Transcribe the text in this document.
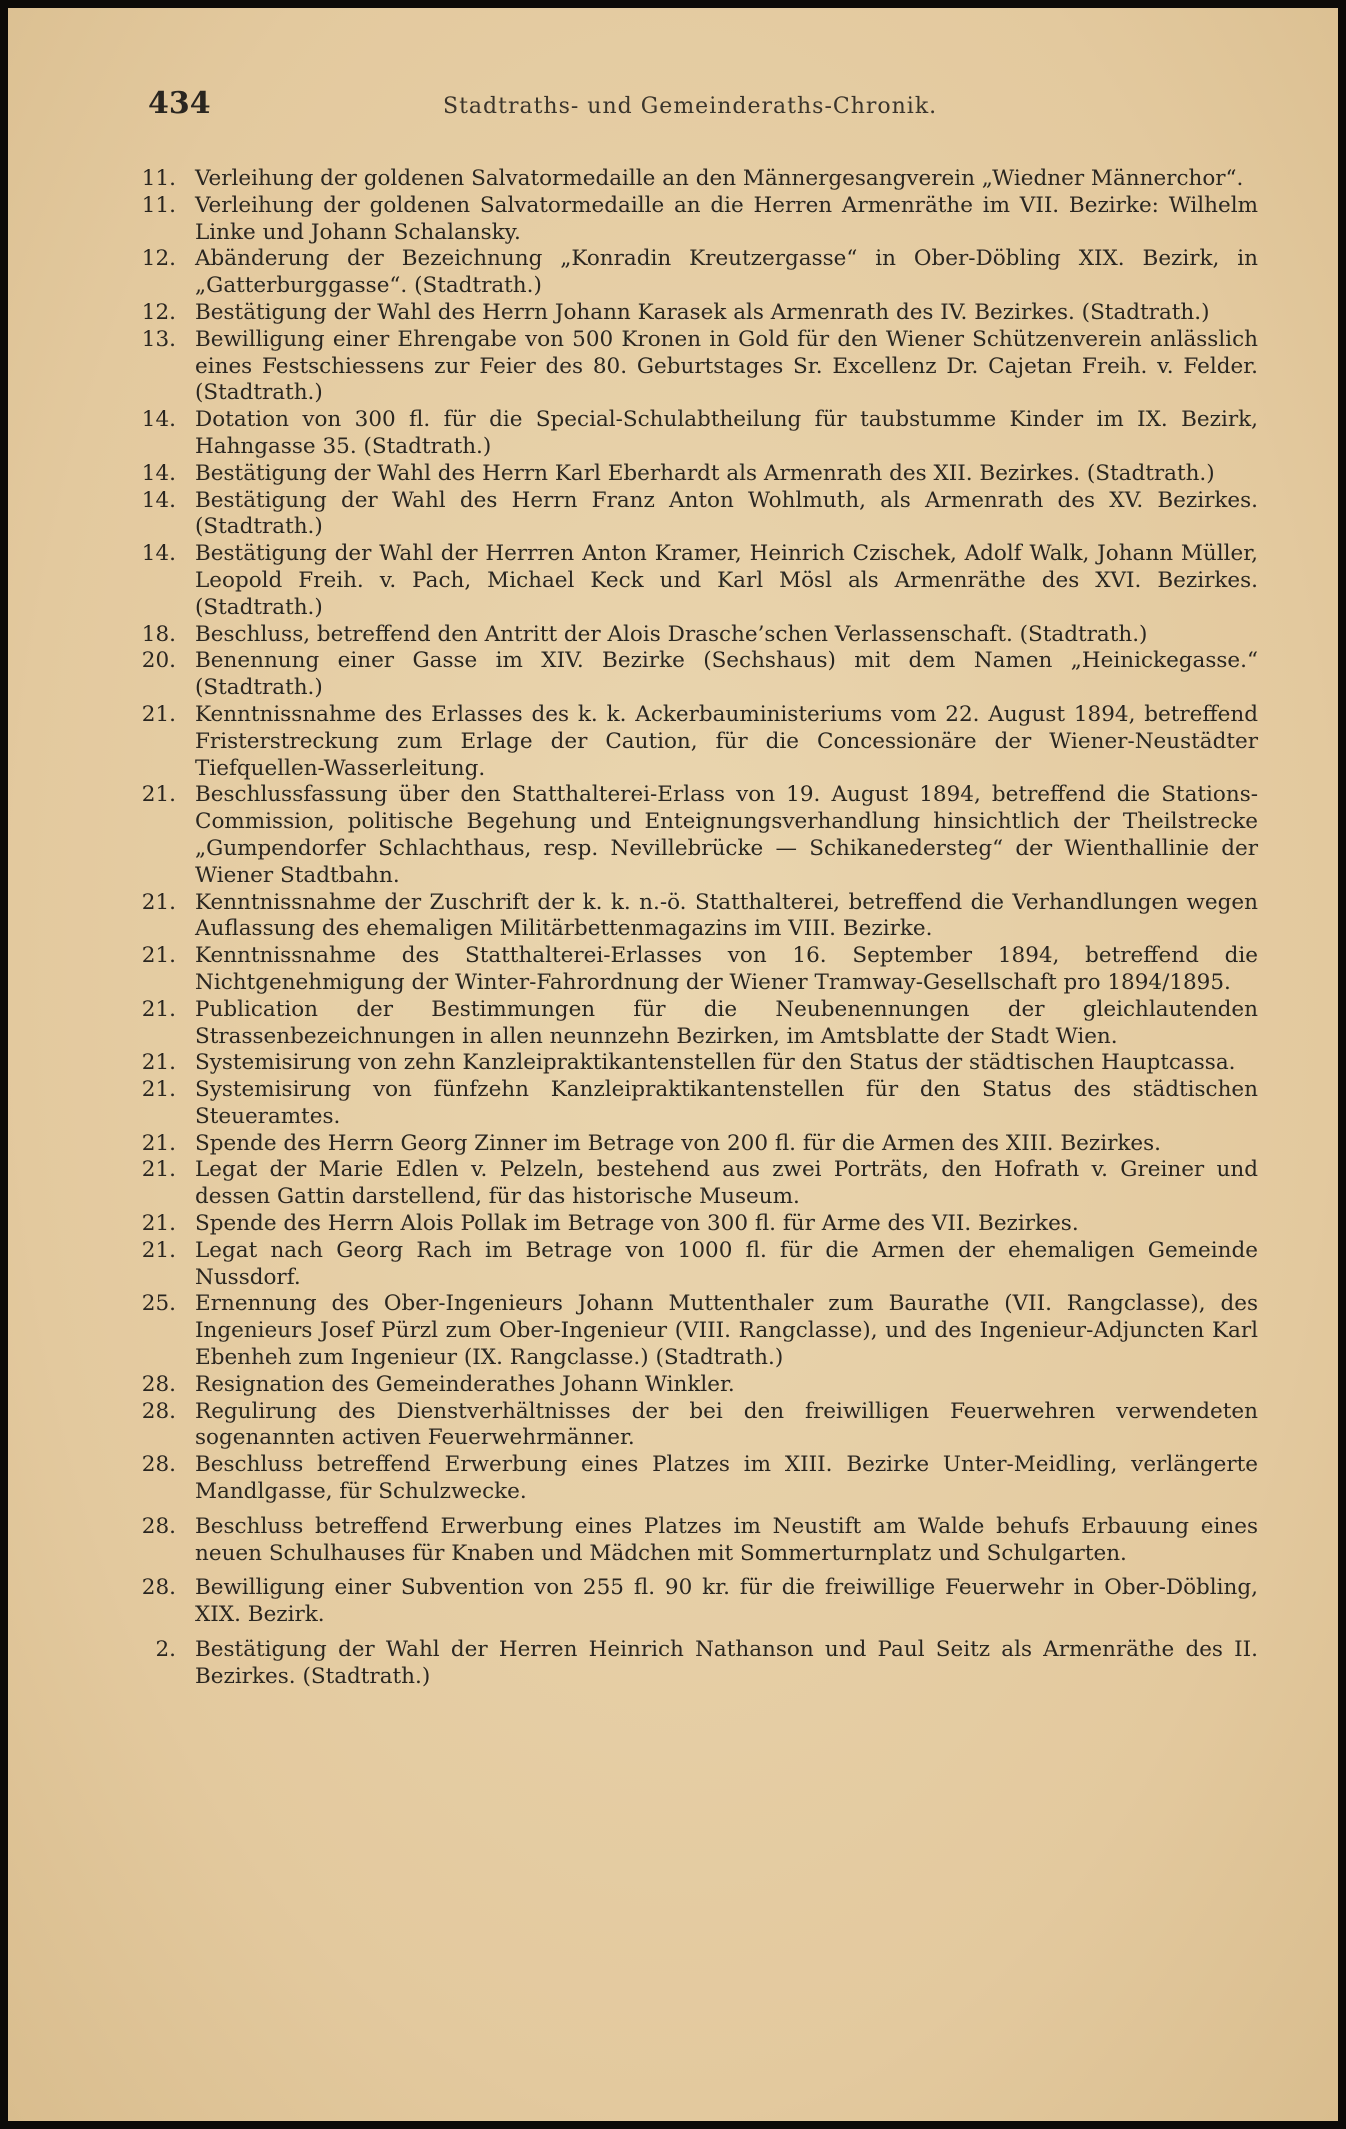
434	Stadtraths- und Gemeinderaths-Chronik.
11. Verleihung der goldenen Salvatormedaille an den Männergesangverein „Wiedner Männerchor“.
11. Verleihung der goldenen Salvatormedaille an die Herren Armenräthe im VII. Bezirke: Wilhelm Linke und Johann Schalansky.
12. Abänderung der Bezeichnung „Konradin Kreutzergasse“ in Ober-Döbling XIX. Bezirk, in „Gatterburggasse“. (Stadtrath.)
12. Bestätigung der Wahl des Herrn Johann Karasek als Armenrath des IV. Bezirkes. (Stadtrath.)
13. Bewilligung einer Ehrengabe von 500 Kronen in Gold für den Wiener Schützenverein anlässlich eines Festschiessens zur Feier des 80. Geburtstages Sr. Excellenz Dr. Cajetan Freih. v. Felder. (Stadtrath.)
14. Dotation von 300 fl. für die Special-Schulabtheilung für taubstumme Kinder im IX. Bezirk, Hahngasse 35. (Stadtrath.)
14. Bestätigung der Wahl des Herrn Karl Eberhardt als Armenrath des XII. Bezirkes. (Stadtrath.)
14. Bestätigung der Wahl des Herrn Franz Anton Wohlmuth, als Armenrath des XV. Bezirkes. (Stadtrath.)
14. Bestätigung der Wahl der Herrren Anton Kramer, Heinrich Czischek, Adolf Walk, Johann Müller, Leopold Freih. v. Pach, Michael Keck und Karl Mösl als Armenräthe des XVI. Bezirkes. (Stadtrath.)
18. Beschluss, betreffend den Antritt der Alois Drasche’schen Verlassenschaft. (Stadtrath.)
20. Benennung einer Gasse im XIV. Bezirke (Sechshaus) mit dem Namen „Heinickegasse.“ (Stadtrath.)
21. Kenntnissnahme des Erlasses des k. k. Ackerbauministeriums vom 22. August 1894, betreffend Fristerstreckung zum Erlage der Caution, für die Concessionäre der Wiener-Neustädter Tiefquellen-Wasserleitung.
21. Beschlussfassung über den Statthalterei-Erlass von 19. August 1894, betreffend die Stations-Commission, politische Begehung und Enteignungsverhandlung hinsichtlich der Theilstrecke „Gumpendorfer Schlachthaus, resp. Nevillebrücke — Schikanedersteg“ der Wienthallinie der Wiener Stadtbahn.
21. Kenntnissnahme der Zuschrift der k. k. n.-ö. Statthalterei, betreffend die Verhandlungen wegen Auflassung des ehemaligen Militärbettenmagazins im VIII. Bezirke.
21. Kenntnissnahme des Statthalterei-Erlasses von 16. September 1894, betreffend die Nichtgenehmigung der Winter-Fahrordnung der Wiener Tramway-Gesellschaft pro 1894/1895.
21. Publication der Bestimmungen für die Neubenennungen der gleichlautenden Strassenbezeichnungen in allen neunnzehn Bezirken, im Amtsblatte der Stadt Wien.
21. Systemisirung von zehn Kanzleipraktikantenstellen für den Status der städtischen Hauptcassa.
21. Systemisirung von fünfzehn Kanzleipraktikantenstellen für den Status des städtischen Steueramtes.
21. Spende des Herrn Georg Zinner im Betrage von 200 fl. für die Armen des XIII. Bezirkes.
21. Legat der Marie Edlen v. Pelzeln, bestehend aus zwei Porträts, den Hofrath v. Greiner und dessen Gattin darstellend, für das historische Museum.
21. Spende des Herrn Alois Pollak im Betrage von 300 fl. für Arme des VII. Bezirkes.
21. Legat nach Georg Rach im Betrage von 1000 fl. für die Armen der ehemaligen Gemeinde Nussdorf.
25. Ernennung des Ober-Ingenieurs Johann Muttenthaler zum Baurathe (VII. Rangclasse), des Ingenieurs Josef Pürzl zum Ober-Ingenieur (VIII. Rangclasse), und des Ingenieur-Adjuncten Karl Ebenheh zum Ingenieur (IX. Rangclasse.) (Stadtrath.)
28. Resignation des Gemeinderathes Johann Winkler.
28. Regulirung des Dienstverhältnisses der bei den freiwilligen Feuerwehren verwendeten sogenannten activen Feuerwehrmänner.
28. Beschluss betreffend Erwerbung eines Platzes im XIII. Bezirke Unter-Meidling, verlängerte Mandlgasse, für Schulzwecke.
28. Beschluss betreffend Erwerbung eines Platzes im Neustift am Walde behufs Erbauung eines neuen Schulhauses für Knaben und Mädchen mit Sommerturnplatz und Schulgarten.
28. Bewilligung einer Subvention von 255 fl. 90 kr. für die freiwillige Feuerwehr in Ober-Döbling, XIX. Bezirk.
2. Bestätigung der Wahl der Herren Heinrich Nathanson und Paul Seitz als Armenräthe des II. Bezirkes. (Stadtrath.)
